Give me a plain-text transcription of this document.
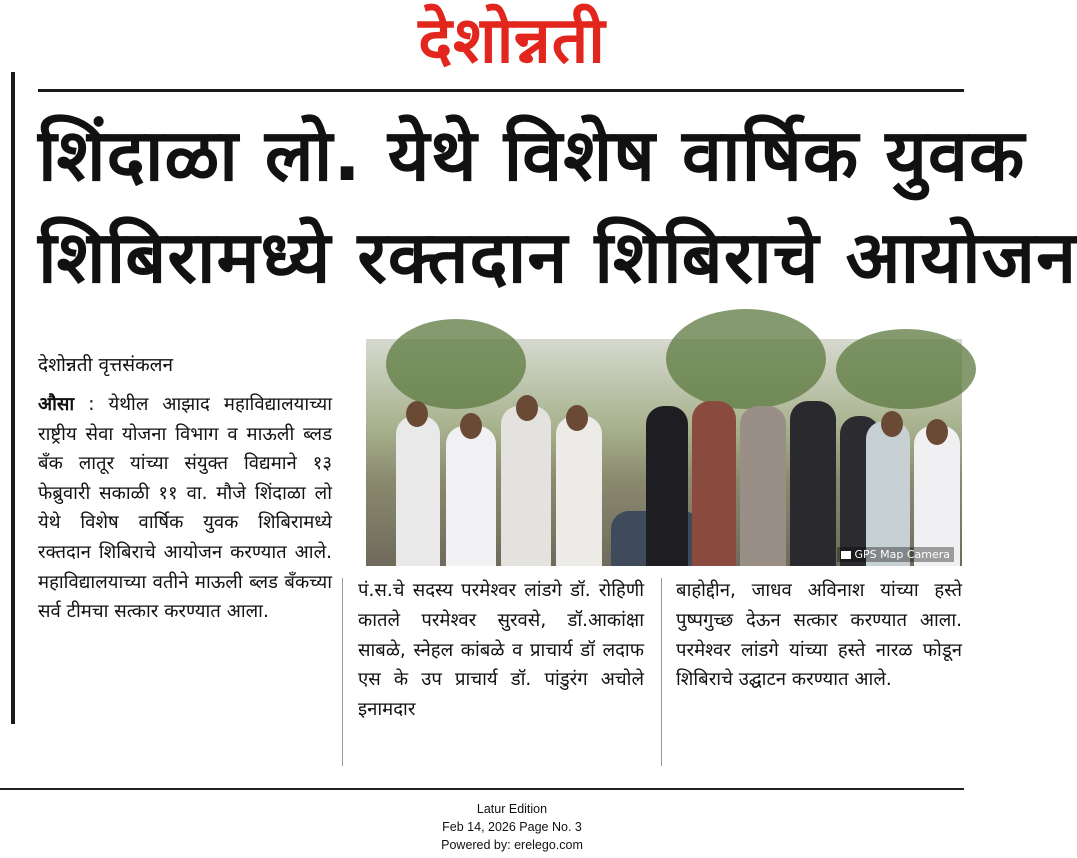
देशोन्नती
शिंदाळा लो. येथे विशेष वार्षिक युवक
शिबिरामध्ये रक्तदान शिबिराचे आयोजन
देशोन्नती वृत्तसंकलन
औसा : येथील आझाद महाविद्यालयाच्या राष्ट्रीय सेवा योजना विभाग व माऊली ब्लड बँक लातूर यांच्या संयुक्त विद्यमाने १३ फेब्रुवारी सकाळी ११ वा. मौजे शिंदाळा लो येथे विशेष वार्षिक युवक शिबिरामध्ये रक्तदान शिबिराचे आयोजन करण्यात आले. महाविद्यालयाच्या वतीने माऊली ब्लड बँकच्या सर्व टीमचा सत्कार करण्यात आला.
GPS Map Camera
पं.स.चे सदस्य परमेश्वर लांडगे डॉ. रोहिणी कातले परमेश्वर सुरवसे, डॉ.आकांक्षा साबळे, स्नेहल कांबळे व प्राचार्य डॉ लदाफ एस के उप प्राचार्य डॉ. पांडुरंग अचोले इनामदार
बाहोद्दीन, जाधव अविनाश यांच्या हस्ते पुष्पगुच्छ देऊन सत्कार करण्यात आला. परमेश्वर लांडगे यांच्या हस्ते नारळ फोडून शिबिराचे उद्घाटन करण्यात आले.
Latur Edition
Feb 14, 2026 Page No. 3
Powered by: erelego.com
